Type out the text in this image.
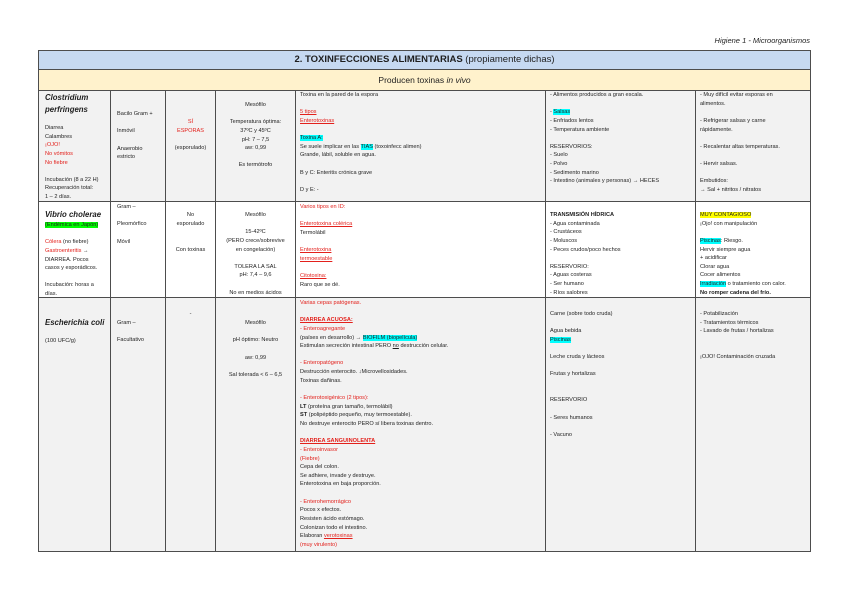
Higiene 1 - Microorganismos
2. TOXINFECCIONES ALIMENTARIAS (propiamente dichas)
Producen toxinas in vivo
Clostridium perfringens
Diarrea
Calambres
¡OJO!
No vómitos
No fiebre
Incubación (8 a 22 H)
Recuperación total:
1 – 2 días.
Bacilo Gram +
Inmóvil
Anaerobio
estricto
SÍ
ESPORAS
(esporulado)
Mesófilo
Temperatura óptima:
37ºC y 45ºC
pH: 7 – 7,5
aw: 0,99
Es termótrofo
Toxina en la pared de la espora
5 tipos
Enterotoxinas
Toxina A:
Se suele implicar en las TIAS (toxoinfecc alimen)
Grande, lábil, soluble en agua.
B y C: Enteritis crónica grave
D y E: -
- Alimentos producidos a gran escala.
- Salsas
- Enfriados lentos
- Temperatura ambiente
RESERVORIOS:
- Suelo
- Polvo
- Sedimento marino
- Intestino (animales y personas) → HECES
- Muy difícil evitar esporas en
alimentos.
- Refrigerar salsas y carne
rápidamente.
- Recalentar altas temperaturas.
- Hervir salsas.
Embutidos:
→ Sal + nitritos / nitratos
Vibrio cholerae
(Endémica en Japón)
Cólera (no fiebre)
Gastroenteritis →
DIARREA. Pocos
casos y esporádicos.
Incubación: horas a
días.
Gram –
Pleomórfico
Móvil
No
esporulado
Con toxinas
Mesófilo
15-42ºC
(PERO crece/sobrevive
en congelación)
TOLERA LA SAL
pH: 7,4 – 9,6
No en medios ácidos
Varios tipos en ID:
Enterotoxina colérica
Termolábil
Enterotoxina
termoestable
Citotoxina:
Raro que se dé.
TRANSMISIÓN HÍDRICA
- Agua contaminada
- Crustáceos
- Moluscos
- Peces crudos/poco hechos
RESERVORIO:
- Aguas costeras
- Ser humano
- Ríos salobres
MUY CONTAGIOSO
¡Ojo! con manipulación
Piscinas: Riesgo.
Hervir siempre agua
+ acidificar
Clorar agua
Cocer alimentos
Irradiación o tratamiento con calor.
No romper cadena del frío.
Escherichia coli
(100 UFC/g)
Gram –
Facultativo
-
Mesófilo
pH óptimo: Neutro
aw: 0,99
Sal tolerada < 6 – 6,5
Varias cepas patógenas.
DIARREA ACUOSA:
- Enteroagregante
(países en desarrollo) → BIOFILM (biopelícula)
Estimulan secreción intestinal PERO no destrucción celular.
- Enteropatógeno
Destrucción enterocito. ↓Microvellosidades.
Toxinas dañinas.
- Enterotoxigénico (2 tipos):
LT (proteína gran tamaño, termolábil)
ST (polipéptido pequeño, muy termoestable).
No destruye enterocito PERO sí libera toxinas dentro.
DIARREA SANGUINOLENTA
- Enteroinvasor
(Fiebre)
Cepa del colon.
Se adhiere, invade y destruye.
Enterotoxina en baja proporción.
- Enterohemorrágico
Pocos x efectos.
Resisten ácido estómago.
Colonizan todo el intestino.
Elaboran verotoxinas
(muy virulento)
Carne (sobre todo cruda)
Agua bebida
Piscinas
Leche cruda y lácteos
Frutas y hortalizas
RESERVORIO
- Seres humanos
- Vacuno
- Potabilización
- Tratamientos térmicos
- Lavado de frutas / hortalizas
¡OJO! Contaminación cruzada
